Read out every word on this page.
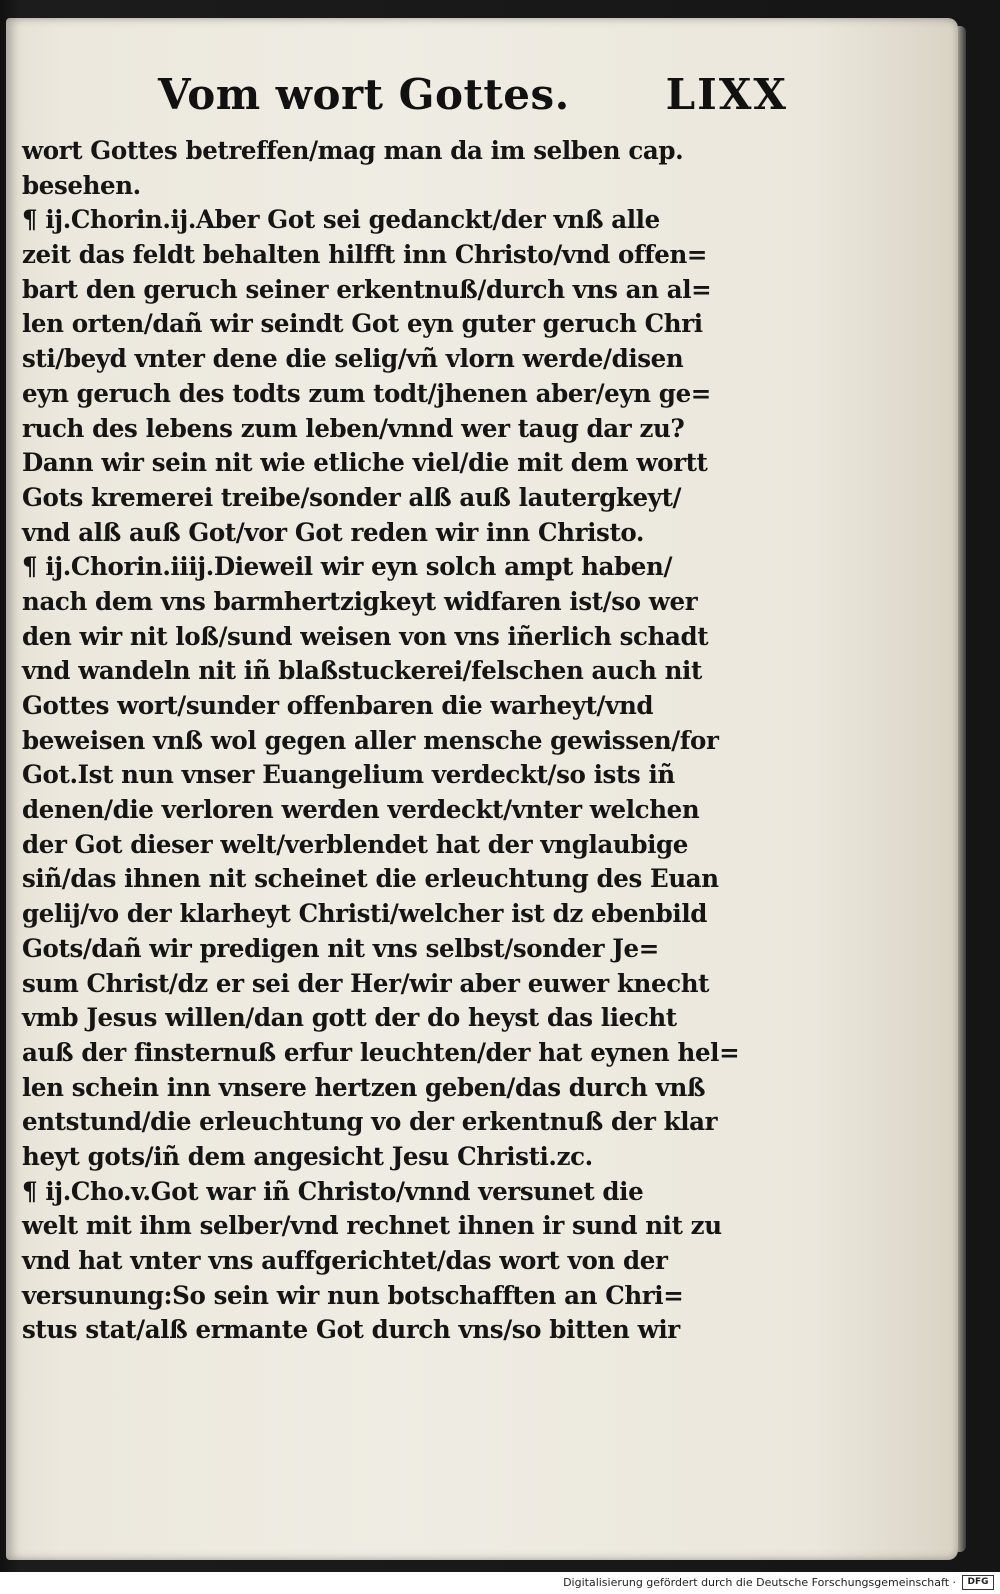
Vom wort Gottes. LIXX
wort Gottes betreffen/mag man da im selben cap.
besehen.
¶ ij.Chorin.ij.Aber Got sei gedanckt/der vnß alle
zeit das feldt behalten hilfft inn Christo/vnd offen=
bart den geruch seiner erkentnuß/durch vns an al=
len orten/dañ wir seindt Got eyn guter geruch Chri
sti/beyd vnter dene die selig/vñ vlorn werde/disen
eyn geruch des todts zum todt/jhenen aber/eyn ge=
ruch des lebens zum leben/vnnd wer taug dar zu?
Dann wir sein nit wie etliche viel/die mit dem wortt
Gots kremerei treibe/sonder alß auß lautergkeyt/
vnd alß auß Got/vor Got reden wir inn Christo.
¶ ij.Chorin.iiij.Dieweil wir eyn solch ampt haben/
nach dem vns barmhertzigkeyt widfaren ist/so wer
den wir nit loß/sund weisen von vns iñerlich schadt
vnd wandeln nit iñ blaßstuckerei/felschen auch nit
Gottes wort/sunder offenbaren die warheyt/vnd
beweisen vnß wol gegen aller mensche gewissen/for
Got.Ist nun vnser Euangelium verdeckt/so ists iñ
denen/die verloren werden verdeckt/vnter welchen
der Got dieser welt/verblendet hat der vnglaubige
siñ/das ihnen nit scheinet die erleuchtung des Euan
gelij/vo der klarheyt Christi/welcher ist dz ebenbild
Gots/dañ wir predigen nit vns selbst/sonder Je=
sum Christ/dz er sei der Her/wir aber euwer knecht
vmb Jesus willen/dan gott der do heyst das liecht
auß der finsternuß erfur leuchten/der hat eynen hel=
len schein inn vnsere hertzen geben/das durch vnß
entstund/die erleuchtung vo der erkentnuß der klar
heyt gots/iñ dem angesicht Jesu Christi.zc.
¶ ij.Cho.v.Got war iñ Christo/vnnd versunet die
welt mit ihm selber/vnd rechnet ihnen ir sund nit zu
vnd hat vnter vns auffgerichtet/das wort von der
versunung:So sein wir nun botschafften an Chri=
stus stat/alß ermante Got durch vns/so bitten wir
Digitalisierung gefördert durch die Deutsche Forschungsgemeinschaft ·	DFG
